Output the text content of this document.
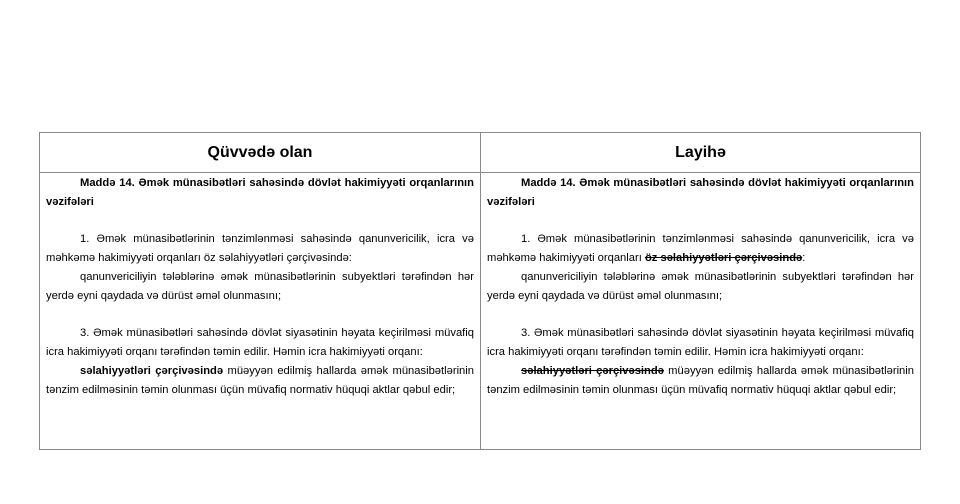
Qüvvədə olan	Layihə

Maddə 14. Əmək münasibətləri sahəsində dövlət hakimiyyəti orqanlarının vəzifələri

1. Əmək münasibətlərinin tənzimlənməsi sahəsində qanunvericilik, icra və məhkəmə hakimiyyəti orqanları öz səlahiyyətləri çərçivəsində:

qanunvericiliyin tələblərinə əmək münasibətlərinin subyektləri tərəfindən hər yerdə eyni qaydada və dürüst əməl olunmasını;

3. Əmək münasibətləri sahəsində dövlət siyasətinin həyata keçirilməsi müvafiq icra hakimiyyəti orqanı tərəfindən təmin edilir. Həmin icra hakimiyyəti orqanı:

səlahiyyətləri çərçivəsində müəyyən edilmiş hallarda əmək münasibətlərinin tənzim edilməsinin təmin olunması üçün müvafiq normativ hüquqi aktlar qəbul edir;

Maddə 14. Əmək münasibətləri sahəsində dövlət hakimiyyəti orqanlarının vəzifələri

1. Əmək münasibətlərinin tənzimlənməsi sahəsində qanunvericilik, icra və məhkəmə hakimiyyəti orqanları öz səlahiyyətləri çərçivəsində:

qanunvericiliyin tələblərinə əmək münasibətlərinin subyektləri tərəfindən hər yerdə eyni qaydada və dürüst əməl olunmasını;

3. Əmək münasibətləri sahəsində dövlət siyasətinin həyata keçirilməsi müvafiq icra hakimiyyəti orqanı tərəfindən təmin edilir. Həmin icra hakimiyyəti orqanı:

səlahiyyətləri çərçivəsində müəyyən edilmiş hallarda əmək münasibətlərinin tənzim edilməsinin təmin olunması üçün müvafiq normativ hüquqi aktlar qəbul edir;
